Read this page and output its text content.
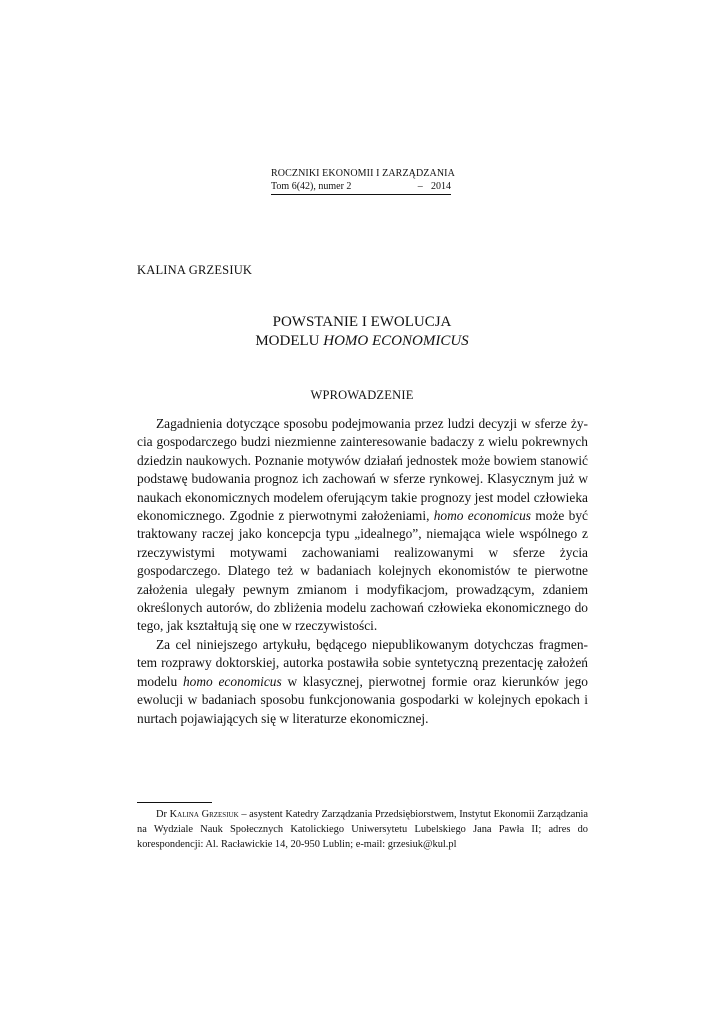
ROCZNIKI EKONOMII I ZARZĄDZANIA
Tom 6(42), numer 2	– 2014
KALINA GRZESIUK
POWSTANIE I EWOLUCJA
MODELU HOMO ECONOMICUS
WPROWADZENIE

Zagadnienia dotyczące sposobu podejmowania przez ludzi decyzji w sferze życia gospodarczego budzi niezmienne zainteresowanie badaczy z wielu pokrewnych dziedzin naukowych. Poznanie motywów działań jednostek może bowiem stanowić podstawę budowania prognoz ich zachowań w sferze rynkowej. Klasycznym już w naukach ekonomicznych modelem oferującym takie prognozy jest model człowieka ekonomicznego. Zgodnie z pierwotnymi założeniami, homo economicus może być traktowany raczej jako koncepcja typu „idealnego”, niemająca wiele wspólnego z rzeczywistymi motywami zachowaniami realizowanymi w sferze życia gospodarczego. Dlatego też w badaniach kolejnych ekonomistów te pierwotne założenia ulegały pewnym zmianom i modyfikacjom, prowadzącym, zdaniem określonych autorów, do zbliżenia modelu zachowań człowieka ekonomicznego do tego, jak kształtują się one w rzeczywistości.

Za cel niniejszego artykułu, będącego niepublikowanym dotychczas fragmentem rozprawy doktorskiej, autorka postawiła sobie syntetyczną prezentację założeń modelu homo economicus w klasycznej, pierwotnej formie oraz kierunków jego ewolucji w badaniach sposobu funkcjonowania gospodarki w kolejnych epokach i nurtach pojawiających się w literaturze ekonomicznej.

Dr Kalina Grzesiuk – asystent Katedry Zarządzania Przedsiębiorstwem, Instytut Ekonomii Zarządzania na Wydziale Nauk Społecznych Katolickiego Uniwersytetu Lubelskiego Jana Pawła II; adres do korespondencji: Al. Racławickie 14, 20-950 Lublin; e-mail: grzesiuk@kul.pl
